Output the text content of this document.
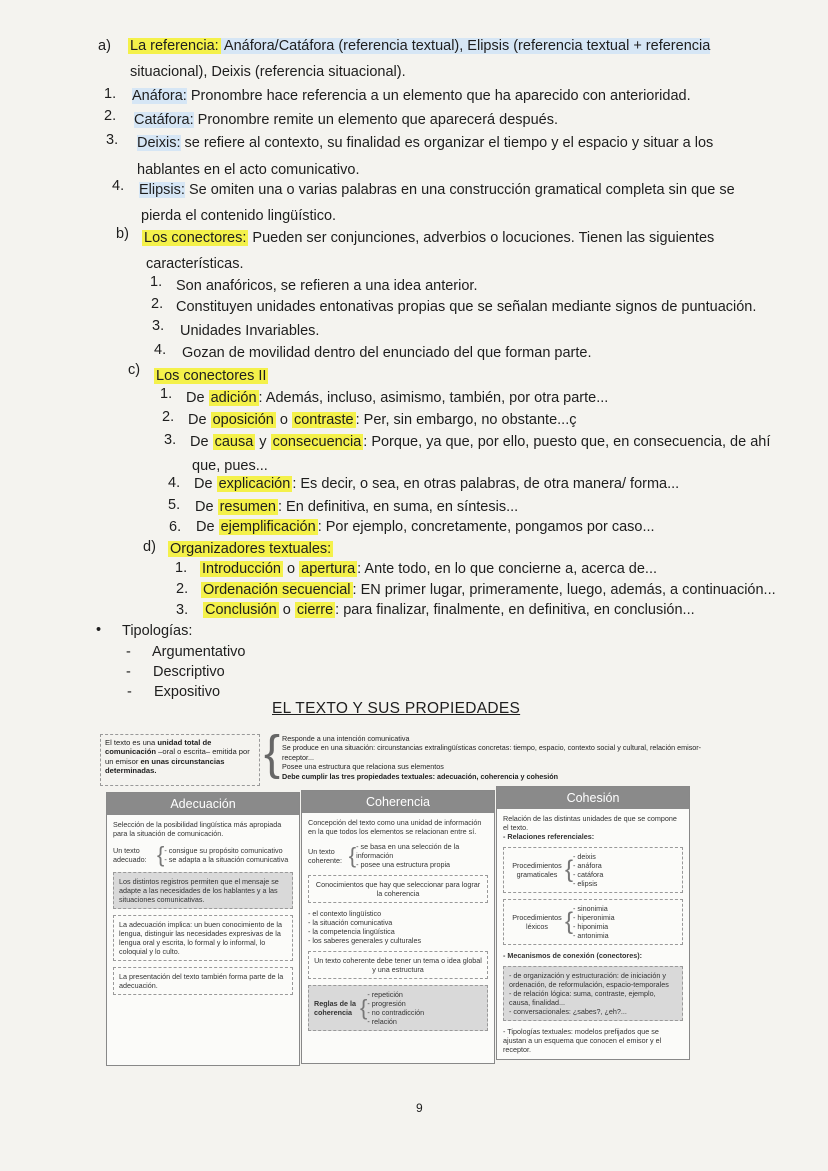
a) La referencia: Anáfora/Catáfora (referencia textual), Elipsis (referencia textual + referencia
situacional), Deixis (referencia situacional).
1. Anáfora: Pronombre hace referencia a un elemento que ha aparecido con anterioridad.
2. Catáfora: Pronombre remite un elemento que aparecerá después.
3. Deixis: se refiere al contexto, su finalidad es organizar el tiempo y el espacio y situar a los
hablantes en el acto comunicativo.
4. Elipsis: Se omiten una o varias palabras en una construcción gramatical completa sin que se
pierda el contenido lingüístico.
b) Los conectores: Pueden ser conjunciones, adverbios o locuciones. Tienen las siguientes
características.
1. Son anafóricos, se refieren a una idea anterior.
2. Constituyen unidades entonativas propias que se señalan mediante signos de puntuación.
3. Unidades Invariables.
4. Gozan de movilidad dentro del enunciado del que forman parte.
c) Los conectores II
1. De adición : Además, incluso, asimismo, también, por otra parte...
2. De oposición o contraste : Per, sin embargo, no obstante...ç
3. De causa y consecuencia : Porque, ya que, por ello, puesto que, en consecuencia, de ahí
que, pues...
4. De explicación : Es decir, o sea, en otras palabras, de otra manera/ forma...
5. De resumen : En definitiva, en suma, en síntesis...
6. De ejemplificación : Por ejemplo, concretamente, pongamos por caso...
d) Organizadores textuales:
1. Introducción o apertura : Ante todo, en lo que concierne a, acerca de...
2. Ordenación secuencial : EN primer lugar, primeramente, luego, además, a continuación...
3. Conclusión o cierre : para finalizar, finalmente, en definitiva, en conclusión...
• Tipologías:
- Argumentativo
- Descriptivo
- Expositivo
EL TEXTO Y SUS PROPIEDADES
El texto es una unidad total de comunicación –oral o escrita– emitida por un emisor en unas circunstancias determinadas.	{ Responde a una intención comunicativa
Se produce en una situación: circunstancias extralingüísticas concretas: tiempo, espacio, contexto social y cultural, relación emisor-receptor...
Posee una estructura que relaciona sus elementos
Debe cumplir las tres propiedades textuales: adecuación, coherencia y cohesión
Adecuación
Selección de la posibilidad lingüística más apropiada para la situación de comunicación.
Un texto adecuado: { - consigue su propósito comunicativo
- se adapta a la situación comunicativa
Los distintos registros permiten que el mensaje se adapte a las necesidades de los hablantes y a las situaciones comunicativas.
La adecuación implica: un buen conocimiento de la lengua, distinguir las necesidades expresivas de la lengua oral y escrita, lo formal y lo informal, lo coloquial y lo culto.
La presentación del texto también forma parte de la adecuación.
Coherencia
Concepción del texto como una unidad de información en la que todos los elementos se relacionan entre sí.
Un texto coherente: { - se basa en una selección de la información
- posee una estructura propia
Conocimientos que hay que seleccionar para lograr la coherencia
- el contexto lingüístico
- la situación comunicativa
- la competencia lingüística
- los saberes generales y culturales
Un texto coherente debe tener un tema o idea global y una estructura
Reglas de la coherencia {
- repetición
- progresión
- no contradicción
- relación
Cohesión
Relación de las distintas unidades de que se compone el texto.
- Relaciones referenciales:
Procedimientos gramaticales { - deixis
- anáfora
- catáfora
- elipsis
Procedimientos léxicos { - sinonimia
- hiperonimia
- hiponimia
- antonimia
- Mecanismos de conexión (conectores):
- de organización y estructuración: de iniciación y ordenación, de reformulación, espacio-temporales
- de relación lógica: suma, contraste, ejemplo, causa, finalidad...
- conversacionales: ¿sabes?, ¿eh?...
- Tipologías textuales: modelos prefijados que se ajustan a un esquema que conocen el emisor y el receptor.
9
